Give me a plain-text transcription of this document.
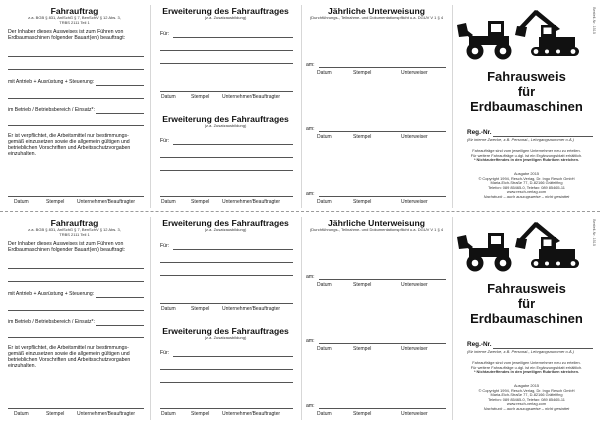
Fahrauftrag
z.a. BGB § 831, AnlSchG § 7, BenSchV § 12 Abs. 3,
TRBS 2111 Teil 1
Der Inhaber dieses Ausweises ist zum Führen von Erdbaumaschinen folgender Bauart(en) beauftragt:
mit Antrieb + Ausrüstung + Steuerung:
im Betrieb / Betriebsbereich / Einsatz*:
Er ist verpflichtet, die Arbeitsmittel nur bestimmungs- gemäß einzusetzen sowie die allgemein gültigen und betrieblichen Vorschriften und Arbeitsschutzvorgaben einzuhalten.
Datum	Stempel	Unternehmer/Beauftragter
Erweiterung des Fahrauftrages
(z.a. Zusatzausbildung)
Für:
Datum	Stempel	Unternehmer/Beauftragter
Erweiterung des Fahrauftrages
(z.a. Zusatzausbildung)
Für:
Datum	Stempel	Unternehmer/Beauftragter
Jährliche Unterweisung
(Durchführungs-, Teilnahme- und Dokumentationspflicht u.a. DGUV V 1 § 4
am:
Datum	Stempel	Unterweiser
am:
Datum	Stempel	Unterweiser
am:
Datum	Stempel	Unterweiser
Bestell-Nr. 1515
Fahrausweis
für
Erdbaumaschinen
Reg.-Nr.
(für interne Zwecke, z.B. Personal-, Lehrgangsnummer o.Ä.)
Fahraufträge sind vom jeweiligen Unternehmer neu zu erteilen.
Für weitere Fahraufträge u.dgl. ist ein Ergänzungsblatt erhältlich.
* Nichtzutreffendes in den jeweiligen Rubriken streichen.
Ausgabe 2015
© Copyright 1994, Resch-Verlag, Dr. Ingo Resch GmbH
Maria-Eich-Straße 77, D-82166 Gräfelfing
Telefon: 089 85465-0, Telefax: 089 85465-11
www.resch-verlag.com
Nachdruck – auch auszugsweise – nicht gestattet
Fahrauftrag
z.a. BGB § 831, AnlSchG § 7, BenSchV § 12 Abs. 3,
TRBS 2111 Teil 1
Der Inhaber dieses Ausweises ist zum Führen von Erdbaumaschinen folgender Bauart(en) beauftragt:
mit Antrieb + Ausrüstung + Steuerung:
im Betrieb / Betriebsbereich / Einsatz*:
Er ist verpflichtet, die Arbeitsmittel nur bestimmungs- gemäß einzusetzen sowie die allgemein gültigen und betrieblichen Vorschriften und Arbeitsschutzvorgaben einzuhalten.
Datum	Stempel	Unternehmer/Beauftragter
Erweiterung des Fahrauftrages
(z.a. Zusatzausbildung)
Für:
Datum	Stempel	Unternehmer/Beauftragter
Erweiterung des Fahrauftrages
(z.a. Zusatzausbildung)
Für:
Datum	Stempel	Unternehmer/Beauftragter
Jährliche Unterweisung
(Durchführungs-, Teilnahme- und Dokumentationspflicht u.a. DGUV V 1 § 4
am:
Datum	Stempel	Unterweiser
am:
Datum	Stempel	Unterweiser
am:
Datum	Stempel	Unterweiser
Bestell-Nr. 1515
Fahrausweis
für
Erdbaumaschinen
Reg.-Nr.
(für interne Zwecke, z.B. Personal-, Lehrgangsnummer o.Ä.)
Fahraufträge sind vom jeweiligen Unternehmer neu zu erteilen.
Für weitere Fahraufträge u.dgl. ist ein Ergänzungsblatt erhältlich.
* Nichtzutreffendes in den jeweiligen Rubriken streichen.
Ausgabe 2015
© Copyright 1994, Resch-Verlag, Dr. Ingo Resch GmbH
Maria-Eich-Straße 77, D-82166 Gräfelfing
Telefon: 089 85465-0, Telefax: 089 85465-11
www.resch-verlag.com
Nachdruck – auch auszugsweise – nicht gestattet
